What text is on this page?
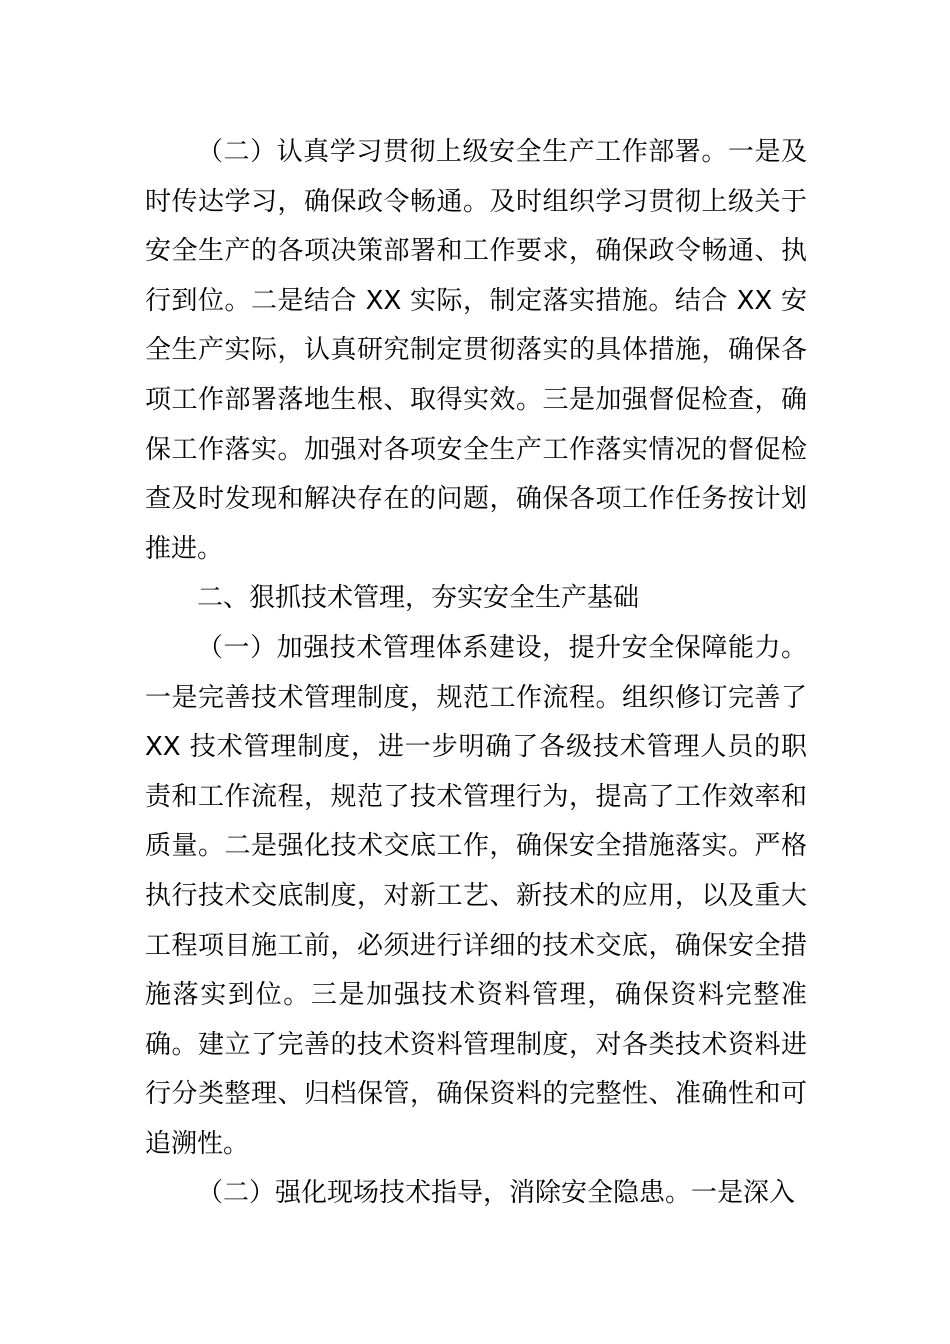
（二）认真学习贯彻上级安全生产工作部署。一是及时传达学习，确保政令畅通。及时组织学习贯彻上级关于安全生产的各项决策部署和工作要求，确保政令畅通、执行到位。二是结合 XX 实际，制定落实措施。结合 XX 安全生产实际，认真研究制定贯彻落实的具体措施，确保各项工作部署落地生根、取得实效。三是加强督促检查，确保工作落实。加强对各项安全生产工作落实情况的督促检查及时发现和解决存在的问题，确保各项工作任务按计划推进。

二、狠抓技术管理，夯实安全生产基础

（一）加强技术管理体系建设，提升安全保障能力。一是完善技术管理制度，规范工作流程。组织修订完善了 XX 技术管理制度，进一步明确了各级技术管理人员的职责和工作流程，规范了技术管理行为，提高了工作效率和质量。二是强化技术交底工作，确保安全措施落实。严格执行技术交底制度，对新工艺、新技术的应用，以及重大工程项目施工前，必须进行详细的技术交底，确保安全措施落实到位。三是加强技术资料管理，确保资料完整准确。建立了完善的技术资料管理制度，对各类技术资料进行分类整理、归档保管，确保资料的完整性、准确性和可追溯性。

（二）强化现场技术指导，消除安全隐患。一是深入
